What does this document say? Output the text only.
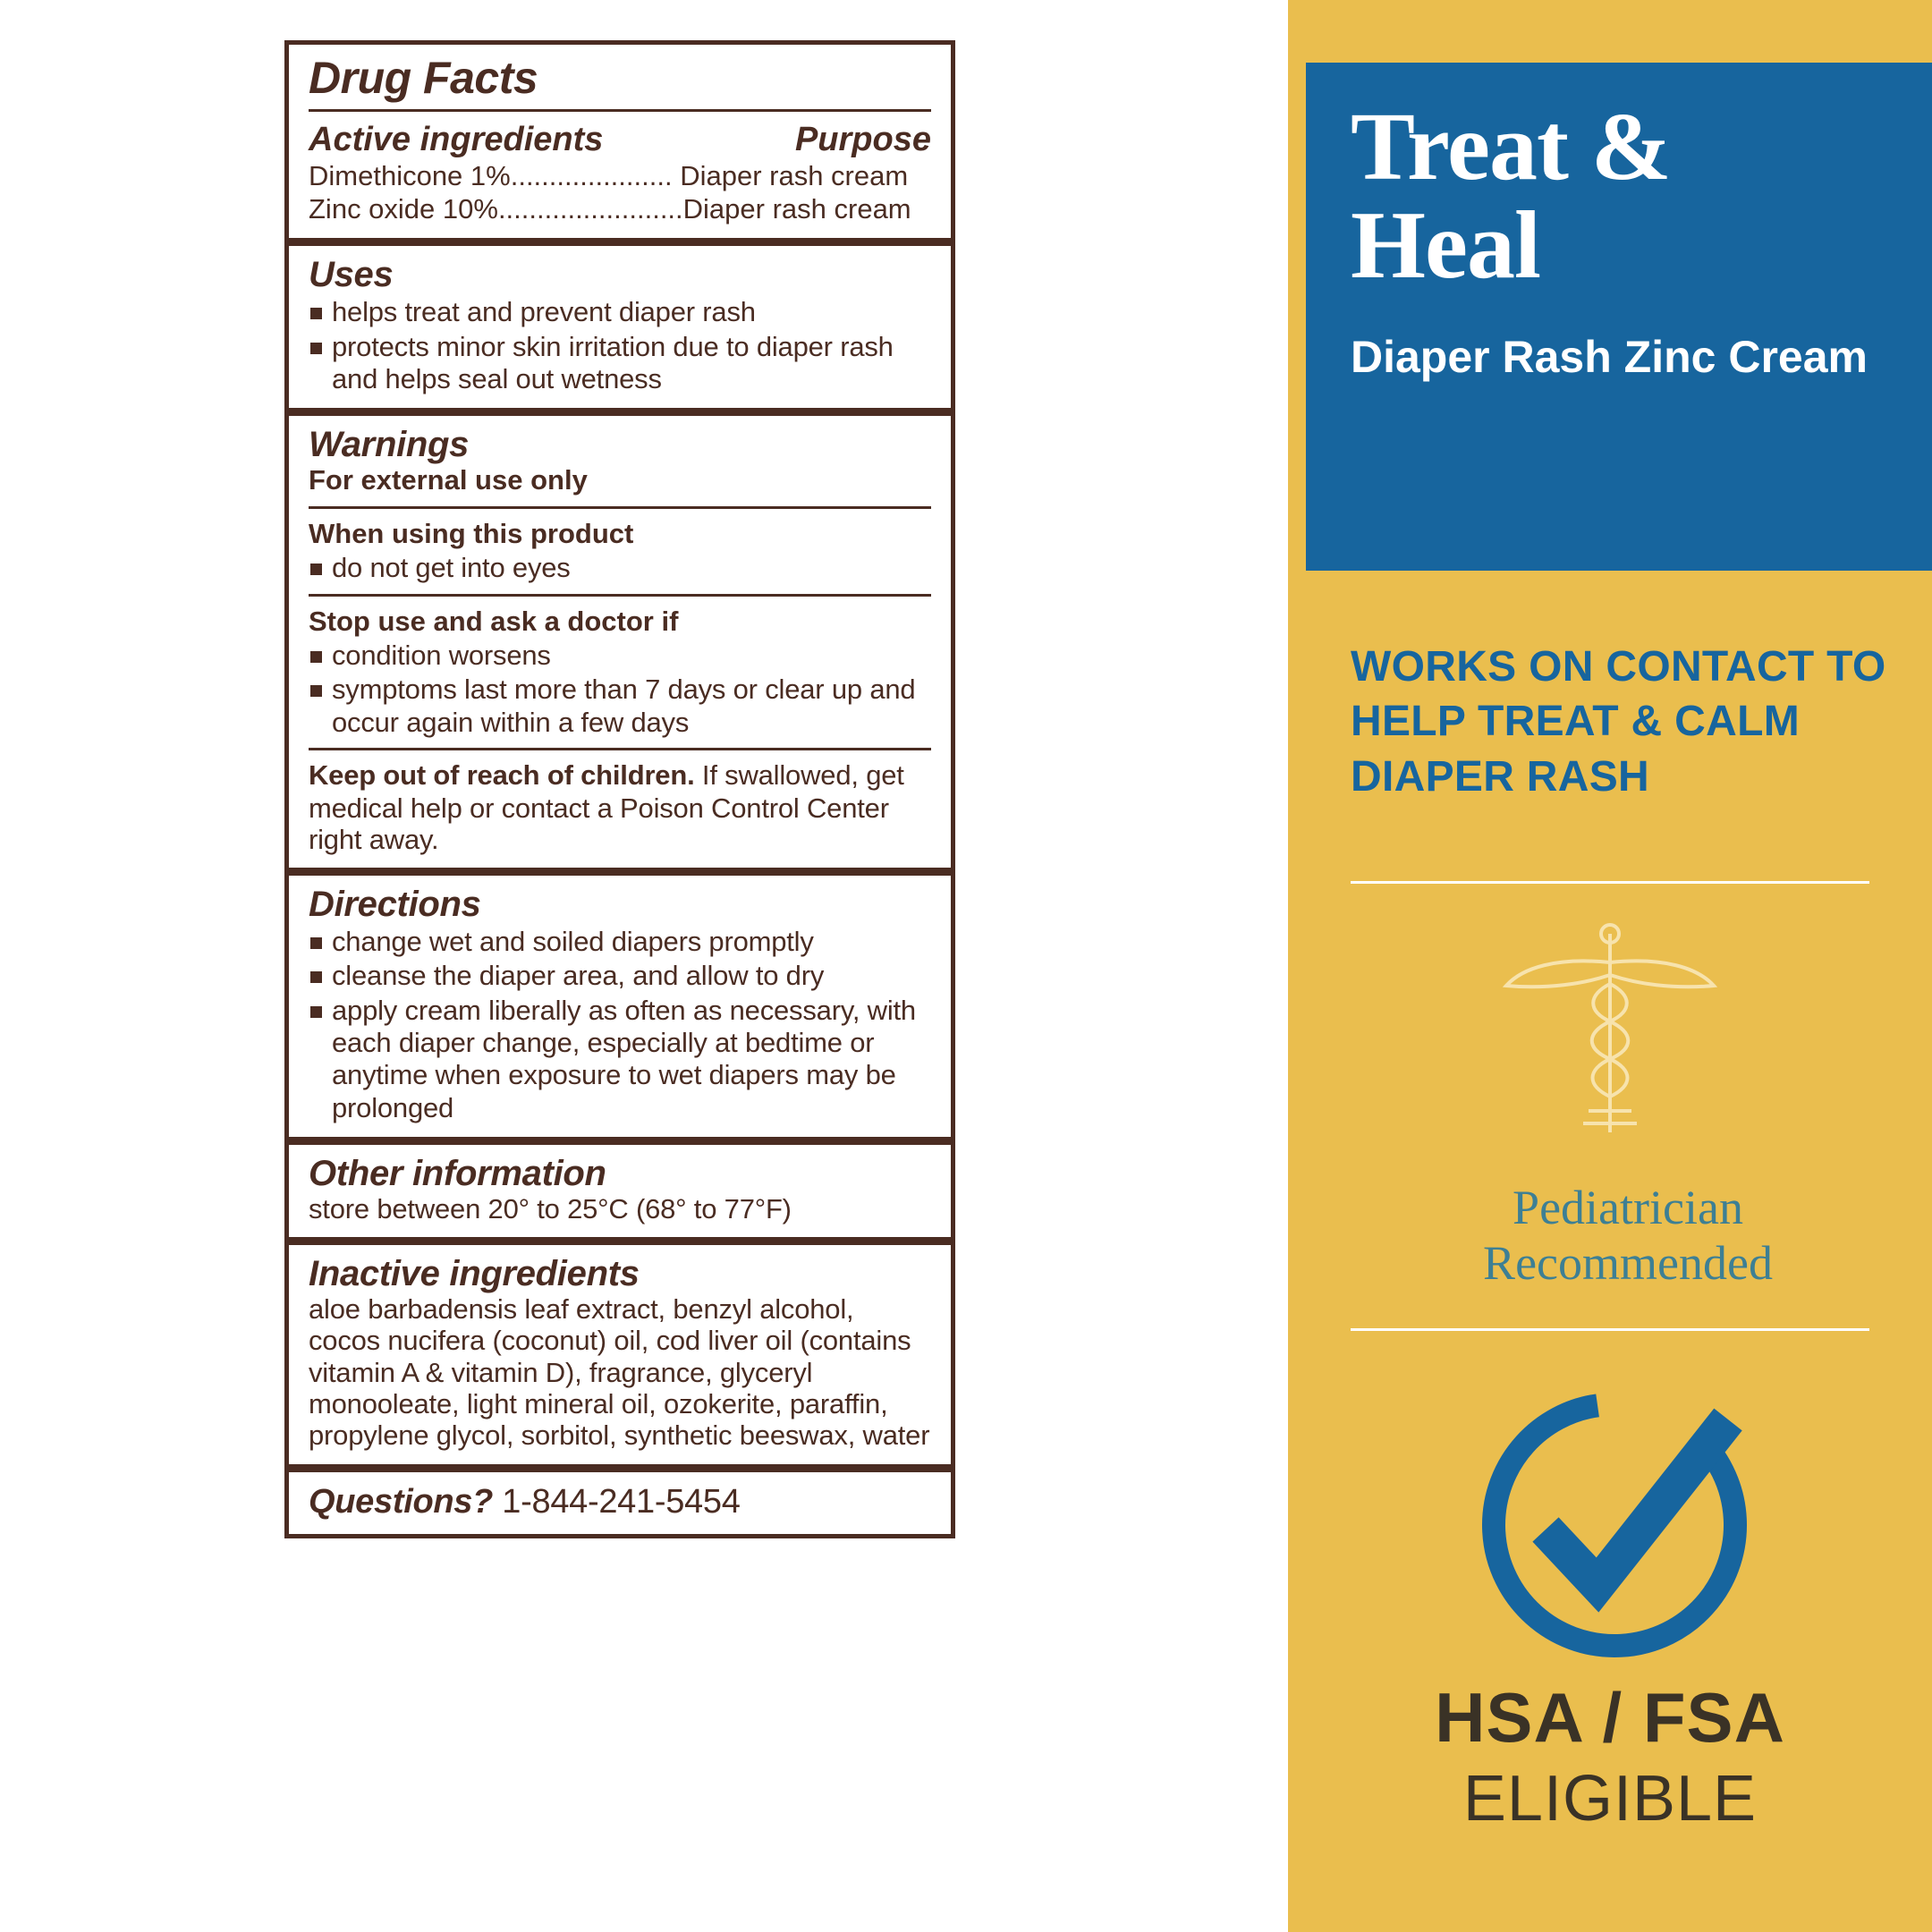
Drug Facts
Active ingredients	Purpose
Dimethicone 1%..................... Diaper rash cream
Zinc oxide 10%........................Diaper rash cream
Uses
helps treat and prevent diaper rash
protects minor skin irritation due to diaper rash and helps seal out wetness
Warnings
For external use only
When using this product
do not get into eyes
Stop use and ask a doctor if
condition worsens
symptoms last more than 7 days or clear up and occur again within a few days
Keep out of reach of children. If swallowed, get medical help or contact a Poison Control Center right away.
Directions
change wet and soiled diapers promptly
cleanse the diaper area, and allow to dry
apply cream liberally as often as necessary, with each diaper change, especially at bedtime or anytime when exposure to wet diapers may be prolonged
Other information
store between 20° to 25°C (68° to 77°F)
Inactive ingredients
aloe barbadensis leaf extract, benzyl alcohol, cocos nucifera (coconut) oil, cod liver oil (contains vitamin A & vitamin D), fragrance, glyceryl monooleate, light mineral oil, ozokerite, paraffin, propylene glycol, sorbitol, synthetic beeswax, water
Questions? 1-844-241-5454
Treat &
Heal
Diaper Rash Zinc Cream
WORKS ON CONTACT TO HELP TREAT & CALM DIAPER RASH
Pediatrician
Recommended
HSA / FSA
ELIGIBLE
